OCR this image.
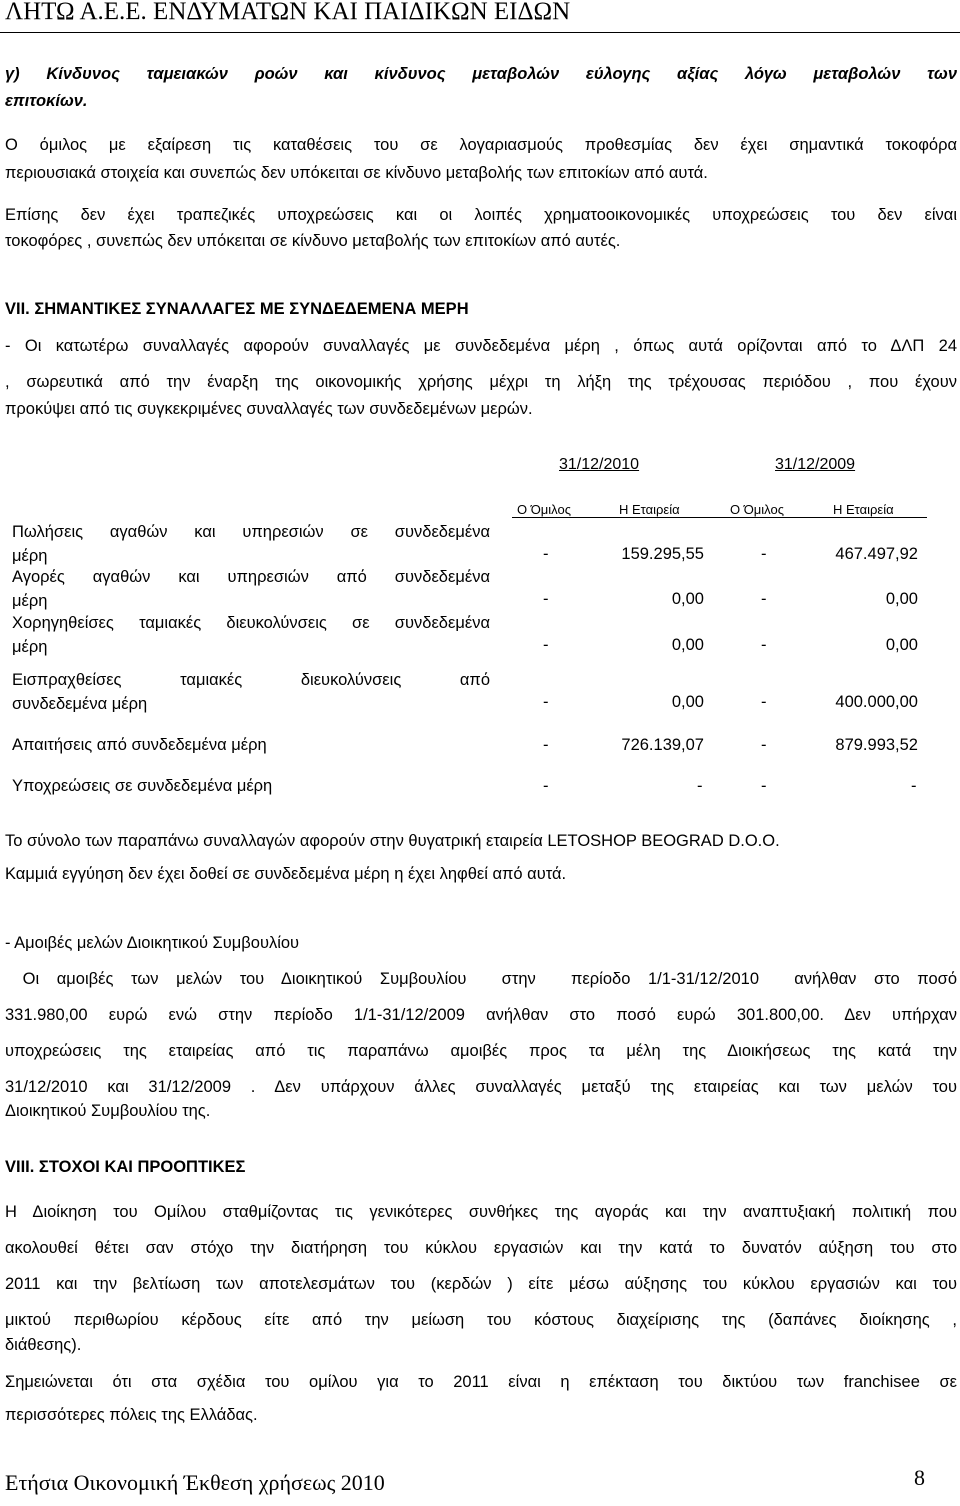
ΛΗΤΩ Α.Ε.Ε. ΕΝΔΥΜΑΤΩΝ ΚΑΙ ΠΑΙΔΙΚΩΝ ΕΙΔΩΝ
γ) Κίνδυνος ταμειακών ροών και κίνδυνος μεταβολών εύλογης αξίας λόγω μεταβολών των
επιτοκίων.
Ο όμιλος με εξαίρεση τις καταθέσεις του σε λογαριασμούς προθεσμίας δεν έχει σημαντικά τοκοφόρα
περιουσιακά στοιχεία και συνεπώς δεν υπόκειται σε κίνδυνο μεταβολής των επιτοκίων από αυτά.
Επίσης δεν έχει τραπεζικές υποχρεώσεις και οι λοιπές χρηματοοικονομικές υποχρεώσεις του δεν είναι
τοκοφόρες , συνεπώς δεν υπόκειται σε κίνδυνο μεταβολής των επιτοκίων από αυτές.
VII. ΣΗΜΑΝΤΙΚΕΣ ΣΥΝΑΛΛΑΓΕΣ ΜΕ ΣΥΝΔΕΔΕΜΕΝΑ ΜΕΡΗ
- Οι κατωτέρω συναλλαγές αφορούν συναλλαγές με συνδεδεμένα μέρη , όπως αυτά ορίζονται από το ΔΛΠ 24
, σωρευτικά από την έναρξη της οικονομικής χρήσης μέχρι τη λήξη της τρέχουσας περιόδου , που έχουν
προκύψει από τις συγκεκριμένες συναλλαγές των συνδεδεμένων μερών.
31/12/2010	31/12/2009
Ο Όμιλος	Η Εταιρεία	Ο Όμιλος	Η Εταιρεία
Πωλήσεις αγαθών και υπηρεσιών σε συνδεδεμένα
μέρη	-	159.295,55	-	467.497,92
Αγορές αγαθών και υπηρεσιών από συνδεδεμένα
μέρη	-	0,00	-	0,00
Χορηγηθείσες ταμιακές διευκολύνσεις σε συνδεδεμένα
μέρη	-	0,00	-	0,00
Εισπραχθείσες ταμιακές διευκολύνσεις από
συνδεδεμένα μέρη	-	0,00	-	400.000,00
Απαιτήσεις από συνδεδεμένα μέρη	-	726.139,07	-	879.993,52
Υποχρεώσεις σε συνδεδεμένα μέρη	-	-	-	-
Το σύνολο των παραπάνω συναλλαγών αφορούν στην θυγατρική εταιρεία LETOSHOP BEOGRAD D.O.O.
Καμμιά εγγύηση δεν έχει δοθεί σε συνδεδεμένα μέρη η έχει ληφθεί από αυτά.
- Αμοιβές μελών Διοικητικού Συμβουλίου
Οι αμοιβές των μελών του Διοικητικού Συμβουλίου  στην  περίοδο 1/1-31/12/2010  ανήλθαν στο ποσό
331.980,00 ευρώ ενώ στην περίοδο 1/1-31/12/2009 ανήλθαν στο ποσό ευρώ 301.800,00. Δεν υπήρχαν
υποχρεώσεις της εταιρείας από τις παραπάνω αμοιβές προς τα μέλη της Διοικήσεως της κατά την
31/12/2010 και 31/12/2009 . Δεν υπάρχουν άλλες συναλλαγές μεταξύ της εταιρείας και των μελών του
Διοικητικού Συμβουλίου της.
VIII. ΣΤΟΧΟΙ ΚΑΙ ΠΡΟΟΠΤΙΚΕΣ
Η Διοίκηση του Ομίλου σταθμίζοντας τις γενικότερες συνθήκες της αγοράς και την αναπτυξιακή πολιτική που
ακολουθεί θέτει σαν στόχο την διατήρηση του κύκλου εργασιών και την κατά το δυνατόν αύξηση του στο
2011 και την βελτίωση των αποτελεσμάτων του (κερδών ) είτε μέσω αύξησης του κύκλου εργασιών και του
μικτού περιθωρίου κέρδους είτε από την μείωση του κόστους διαχείρισης της (δαπάνες διοίκησης ,
διάθεσης).
Σημειώνεται ότι στα σχέδια του ομίλου για το 2011 είναι η επέκταση του δικτύου των franchisee σε
περισσότερες πόλεις της Ελλάδας.
Ετήσια Οικονομική Έκθεση χρήσεως 2010	8
